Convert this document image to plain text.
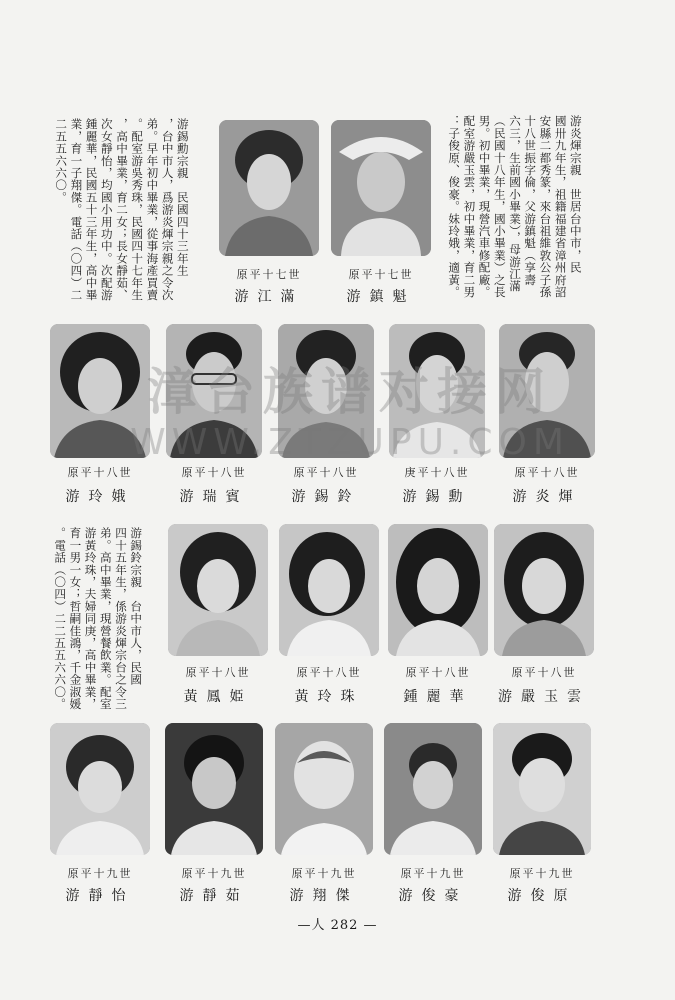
游炎煇宗親　世居台中市，民
國卅九年生，祖籍福建省漳州府詔
安縣二都秀篆，來台祖維敦公子孫
十八世振字倫，父游鎮魁（享壽
六三，生前國小畢業），母游江滿
（民國十八年生，國小畢業）之長
男。初中畢業，現營汽車修配廠。
配室游嚴玉雲，初中畢業，育二男
：子俊原、俊豪。妹玲娥，適黃。
游錫勳宗親　民國四十三年生
，台中市人，爲游炎煇宗親之令次
弟。早年初中畢業，從事海產買賣
。配室游吳秀珠，民國四十七年生
，高中畢業，育二女；長女靜茹、
次女靜怡，均國小用功中。次配游
鍾麗華，民國五十三年生，高中畢
業，育一子翔傑。電話（〇四）二
二五五六六〇。
游錫鈴宗親　台中市人，民國
四十五年生，係游炎煇宗台之令三
弟。高中畢業，現營餐飲業。配室
游黃玲珠，夫婦同庚，高中畢業，
育一男一女；哲嗣佳鴻，千金淑媛
。電話（〇四）二二五五六六〇。
原平十七世
游鎮魁
原平十七世
游江滿
原平十八世
游炎煇
庚平十八世
游錫勳
原平十八世
游錫鈴
原平十八世
游瑞賓
原平十八世
游玲娥
原平十八世
游嚴玉雲
原平十八世
鍾麗華
原平十八世
黃玲珠
原平十八世
黃鳳姫
原平十九世
游俊原
原平十九世
游俊豪
原平十九世
游翔傑
原平十九世
游靜茹
原平十九世
游靜怡
漳台族谱对接网
WWW.ZTZUPU.COM
—人 282 —
